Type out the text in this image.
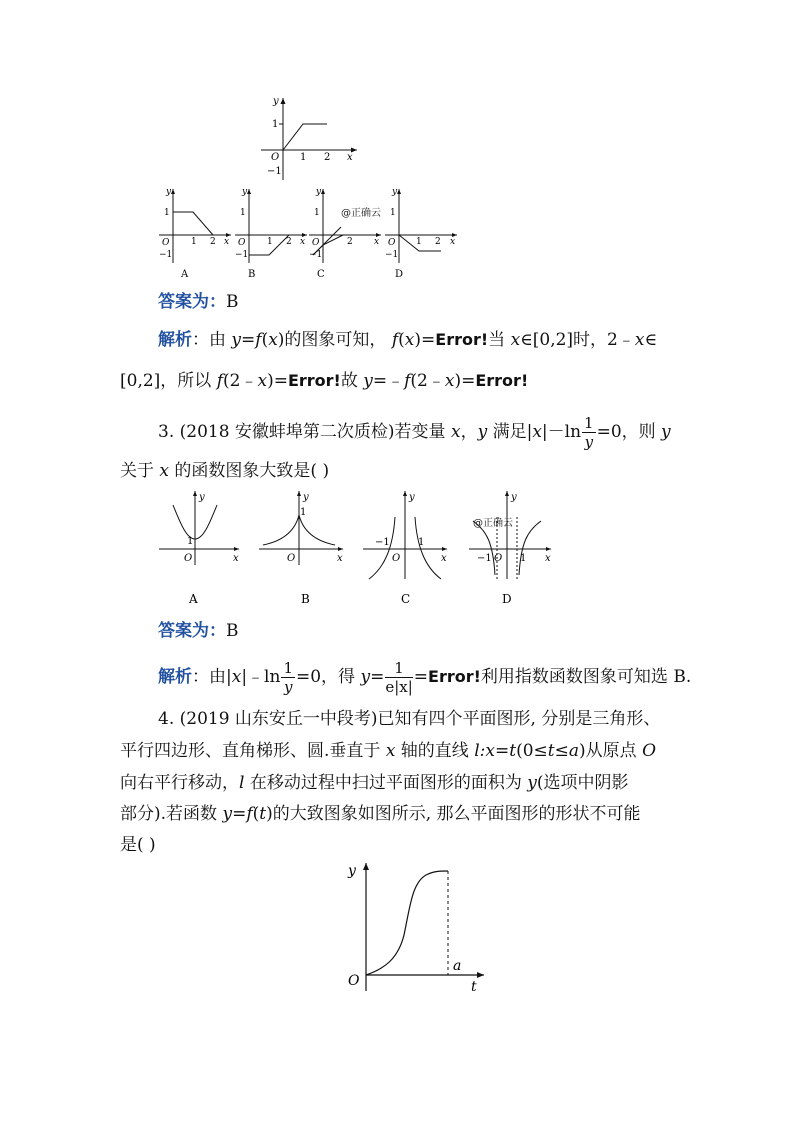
y
x
O
1
1 2
−1
y
1
O 1 2 x
−1
y
1
O 1 2 x
−1
y
1
O	2 x
−1
@正确云
y
1
O 1 2 x
−1
A	B	C	D
答案为：B
解析：由 y=f(x)的图象可知， f(x)=Error!当 x∈[0,2]时，2﹣x∈
[0,2]，所以 f(2﹣x)=Error!故 y=﹣f(2﹣x)=Error!
3. (2018 安徽蚌埠第二次质检)若变量 x，y 满足$|x|-\ln \frac{1}{y} =0$，则 y
关于 x 的函数图象大致是( )
y
1
O	x
y
1
O	x
y
−1	1
O	x
y
−1 O 1 x
@正确云
A	B	C	D
答案为：B
解析：由|x|﹣ln $\frac{1}{y} =0$，得 $y= \frac{1}{e|x|}$ =Error!利用指数函数图象可知选 B.
4. (2019 山东安丘一中段考)已知有四个平面图形, 分别是三角形、
平行四边形、直角梯形、圆.垂直于 x 轴的直线 l:x=t(0≤t≤a)从原点 O
向右平行移动，l 在移动过程中扫过平面图形的面积为 y(选项中阴影
部分).若函数 y=f(t)的大致图象如图所示, 那么平面图形的形状不可能
是( )
y
O
a
t
